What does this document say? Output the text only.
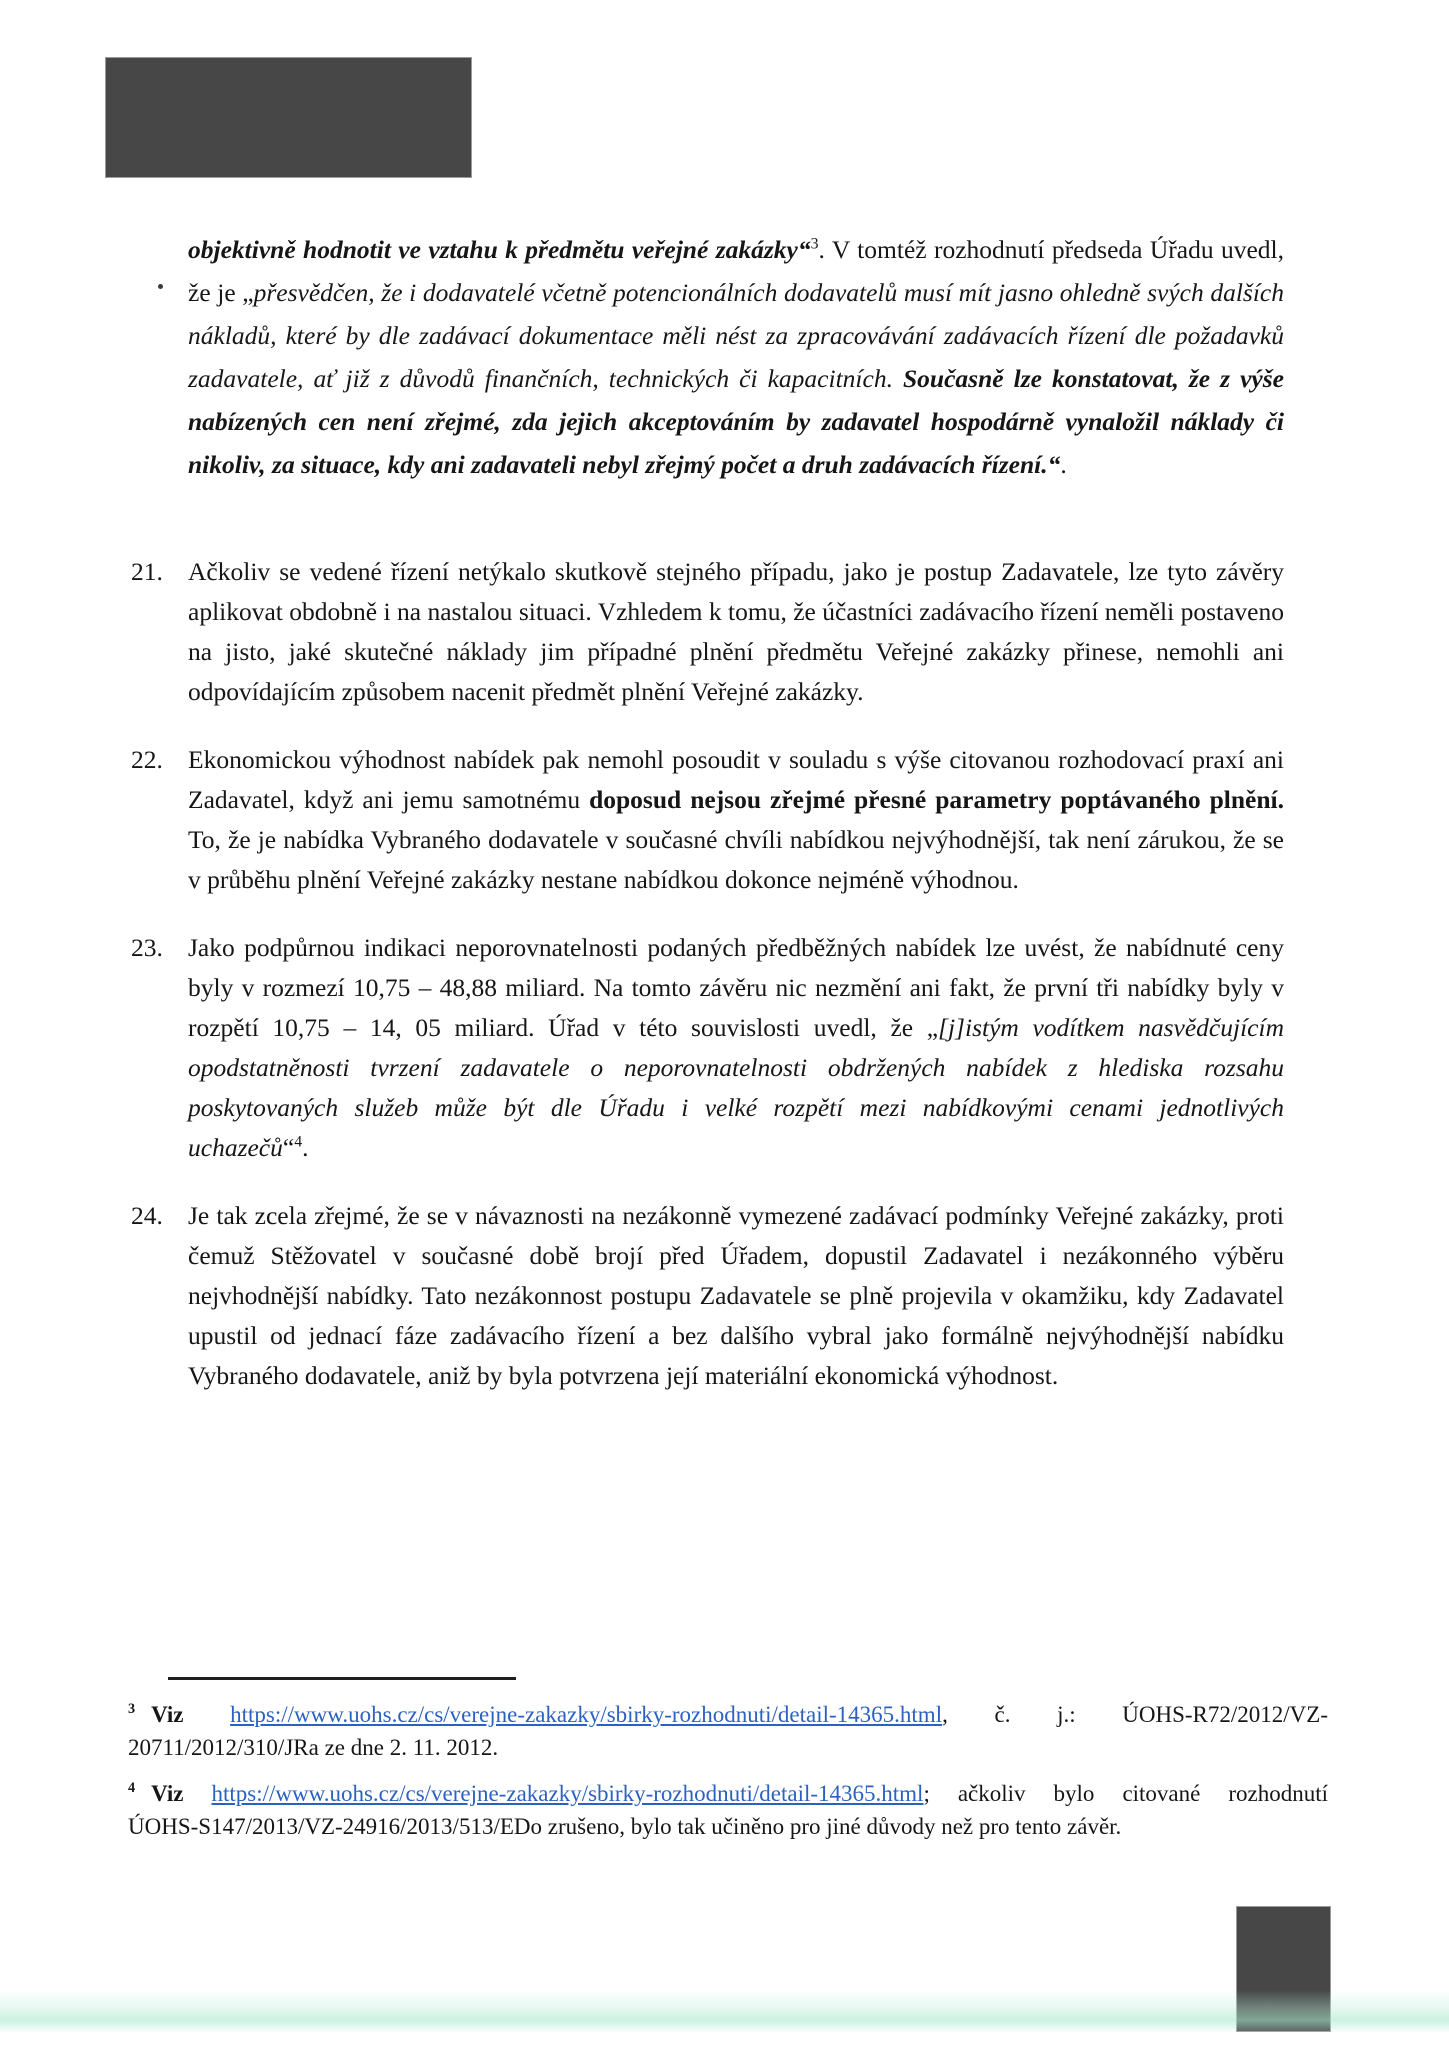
objektivně hodnotit ve vztahu k předmětu veřejné zakázky“$^3$. V tomtéž rozhodnutí předseda Úřadu uvedl, že je „přesvědčen, že i dodavatelé včetně potencionálních dodavatelů musí mít jasno ohledně svých dalších nákladů, které by dle zadávací dokumentace měli nést za zpracovávání zadávacích řízení dle požadavků zadavatele, ať již z důvodů finančních, technických či kapacitních. Současně lze konstatovat, že z výše nabízených cen není zřejmé, zda jejich akceptováním by zadavatel hospodárně vynaložil náklady či nikoliv, za situace, kdy ani zadavateli nebyl zřejmý počet a druh zadávacích řízení.“.

21. Ačkoliv se vedené řízení netýkalo skutkově stejného případu, jako je postup Zadavatele, lze tyto závěry aplikovat obdobně i na nastalou situaci. Vzhledem k tomu, že účastníci zadávacího řízení neměli postaveno na jisto, jaké skutečné náklady jim případné plnění předmětu Veřejné zakázky přinese, nemohli ani odpovídajícím způsobem nacenit předmět plnění Veřejné zakázky.
22. Ekonomickou výhodnost nabídek pak nemohl posoudit v souladu s výše citovanou rozhodovací praxí ani Zadavatel, když ani jemu samotnému doposud nejsou zřejmé přesné parametry poptávaného plnění. To, že je nabídka Vybraného dodavatele v současné chvíli nabídkou nejvýhodnější, tak není zárukou, že se v průběhu plnění Veřejné zakázky nestane nabídkou dokonce nejméně výhodnou.
23. Jako podpůrnou indikaci neporovnatelnosti podaných předběžných nabídek lze uvést, že nabídnuté ceny byly v rozmezí 10,75 – 48,88 miliard. Na tomto závěru nic nezmění ani fakt, že první tři nabídky byly v rozpětí 10,75 – 14, 05 miliard. Úřad v této souvislosti uvedl, že „[j]istým vodítkem nasvědčujícím opodstatněnosti tvrzení zadavatele o neporovnatelnosti obdržených nabídek z hlediska rozsahu poskytovaných služeb může být dle Úřadu i velké rozpětí mezi nabídkovými cenami jednotlivých uchazečů“$^4$.
24. Je tak zcela zřejmé, že se v návaznosti na nezákonně vymezené zadávací podmínky Veřejné zakázky, proti čemuž Stěžovatel v současné době brojí před Úřadem, dopustil Zadavatel i nezákonného výběru nejvhodnější nabídky. Tato nezákonnost postupu Zadavatele se plně projevila v okamžiku, kdy Zadavatel upustil od jednací fáze zadávacího řízení a bez dalšího vybral jako formálně nejvýhodnější nabídku Vybraného dodavatele, aniž by byla potvrzena její materiální ekonomická výhodnost.
$^3$ Viz https://www.uohs.cz/cs/verejne-zakazky/sbirky-rozhodnuti/detail-14365.html, č. j.: ÚOHS-R72/2012/VZ-
20711/2012/310/JRa ze dne 2. 11. 2012.
$^4$ Viz https://www.uohs.cz/cs/verejne-zakazky/sbirky-rozhodnuti/detail-14365.html; ačkoliv bylo citované rozhodnutí
ÚOHS-S147/2013/VZ-24916/2013/513/EDo zrušeno, bylo tak učiněno pro jiné důvody než pro tento závěr.
